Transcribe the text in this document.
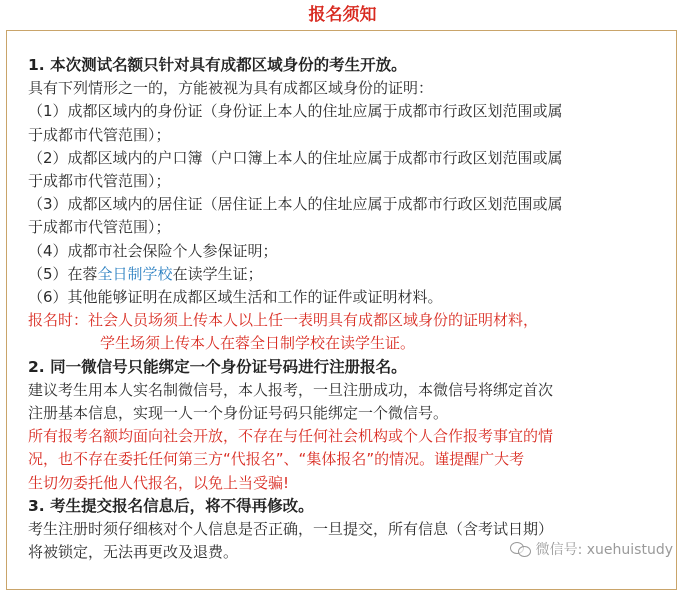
报名须知
1. 本次测试名额只针对具有成都区域身份的考生开放。
具有下列情形之一的，方能被视为具有成都区域身份的证明：
（1）成都区域内的身份证（身份证上本人的住址应属于成都市行政区划范围或属
于成都市代管范围）；
（2）成都区域内的户口簿（户口簿上本人的住址应属于成都市行政区划范围或属
于成都市代管范围）；
（3）成都区域内的居住证（居住证上本人的住址应属于成都市行政区划范围或属
于成都市代管范围）；
（4）成都市社会保险个人参保证明；
（5）在蓉全日制学校在读学生证；
（6）其他能够证明在成都区域生活和工作的证件或证明材料。
报名时：社会人员场须上传本人以上任一表明具有成都区域身份的证明材料，
学生场须上传本人在蓉全日制学校在读学生证。
2. 同一微信号只能绑定一个身份证号码进行注册报名。
建议考生用本人实名制微信号，本人报考，一旦注册成功，本微信号将绑定首次
注册基本信息，实现一人一个身份证号码只能绑定一个微信号。
所有报考名额均面向社会开放，不存在与任何社会机构或个人合作报考事宜的情
况，也不存在委托任何第三方“代报名”、“集体报名”的情况。谨提醒广大考
生切勿委托他人代报名，以免上当受骗!
3. 考生提交报名信息后，将不得再修改。
考生注册时须仔细核对个人信息是否正确，一旦提交，所有信息（含考试日期）
将被锁定，无法再更改及退费。	微信号: xuehuistudy
